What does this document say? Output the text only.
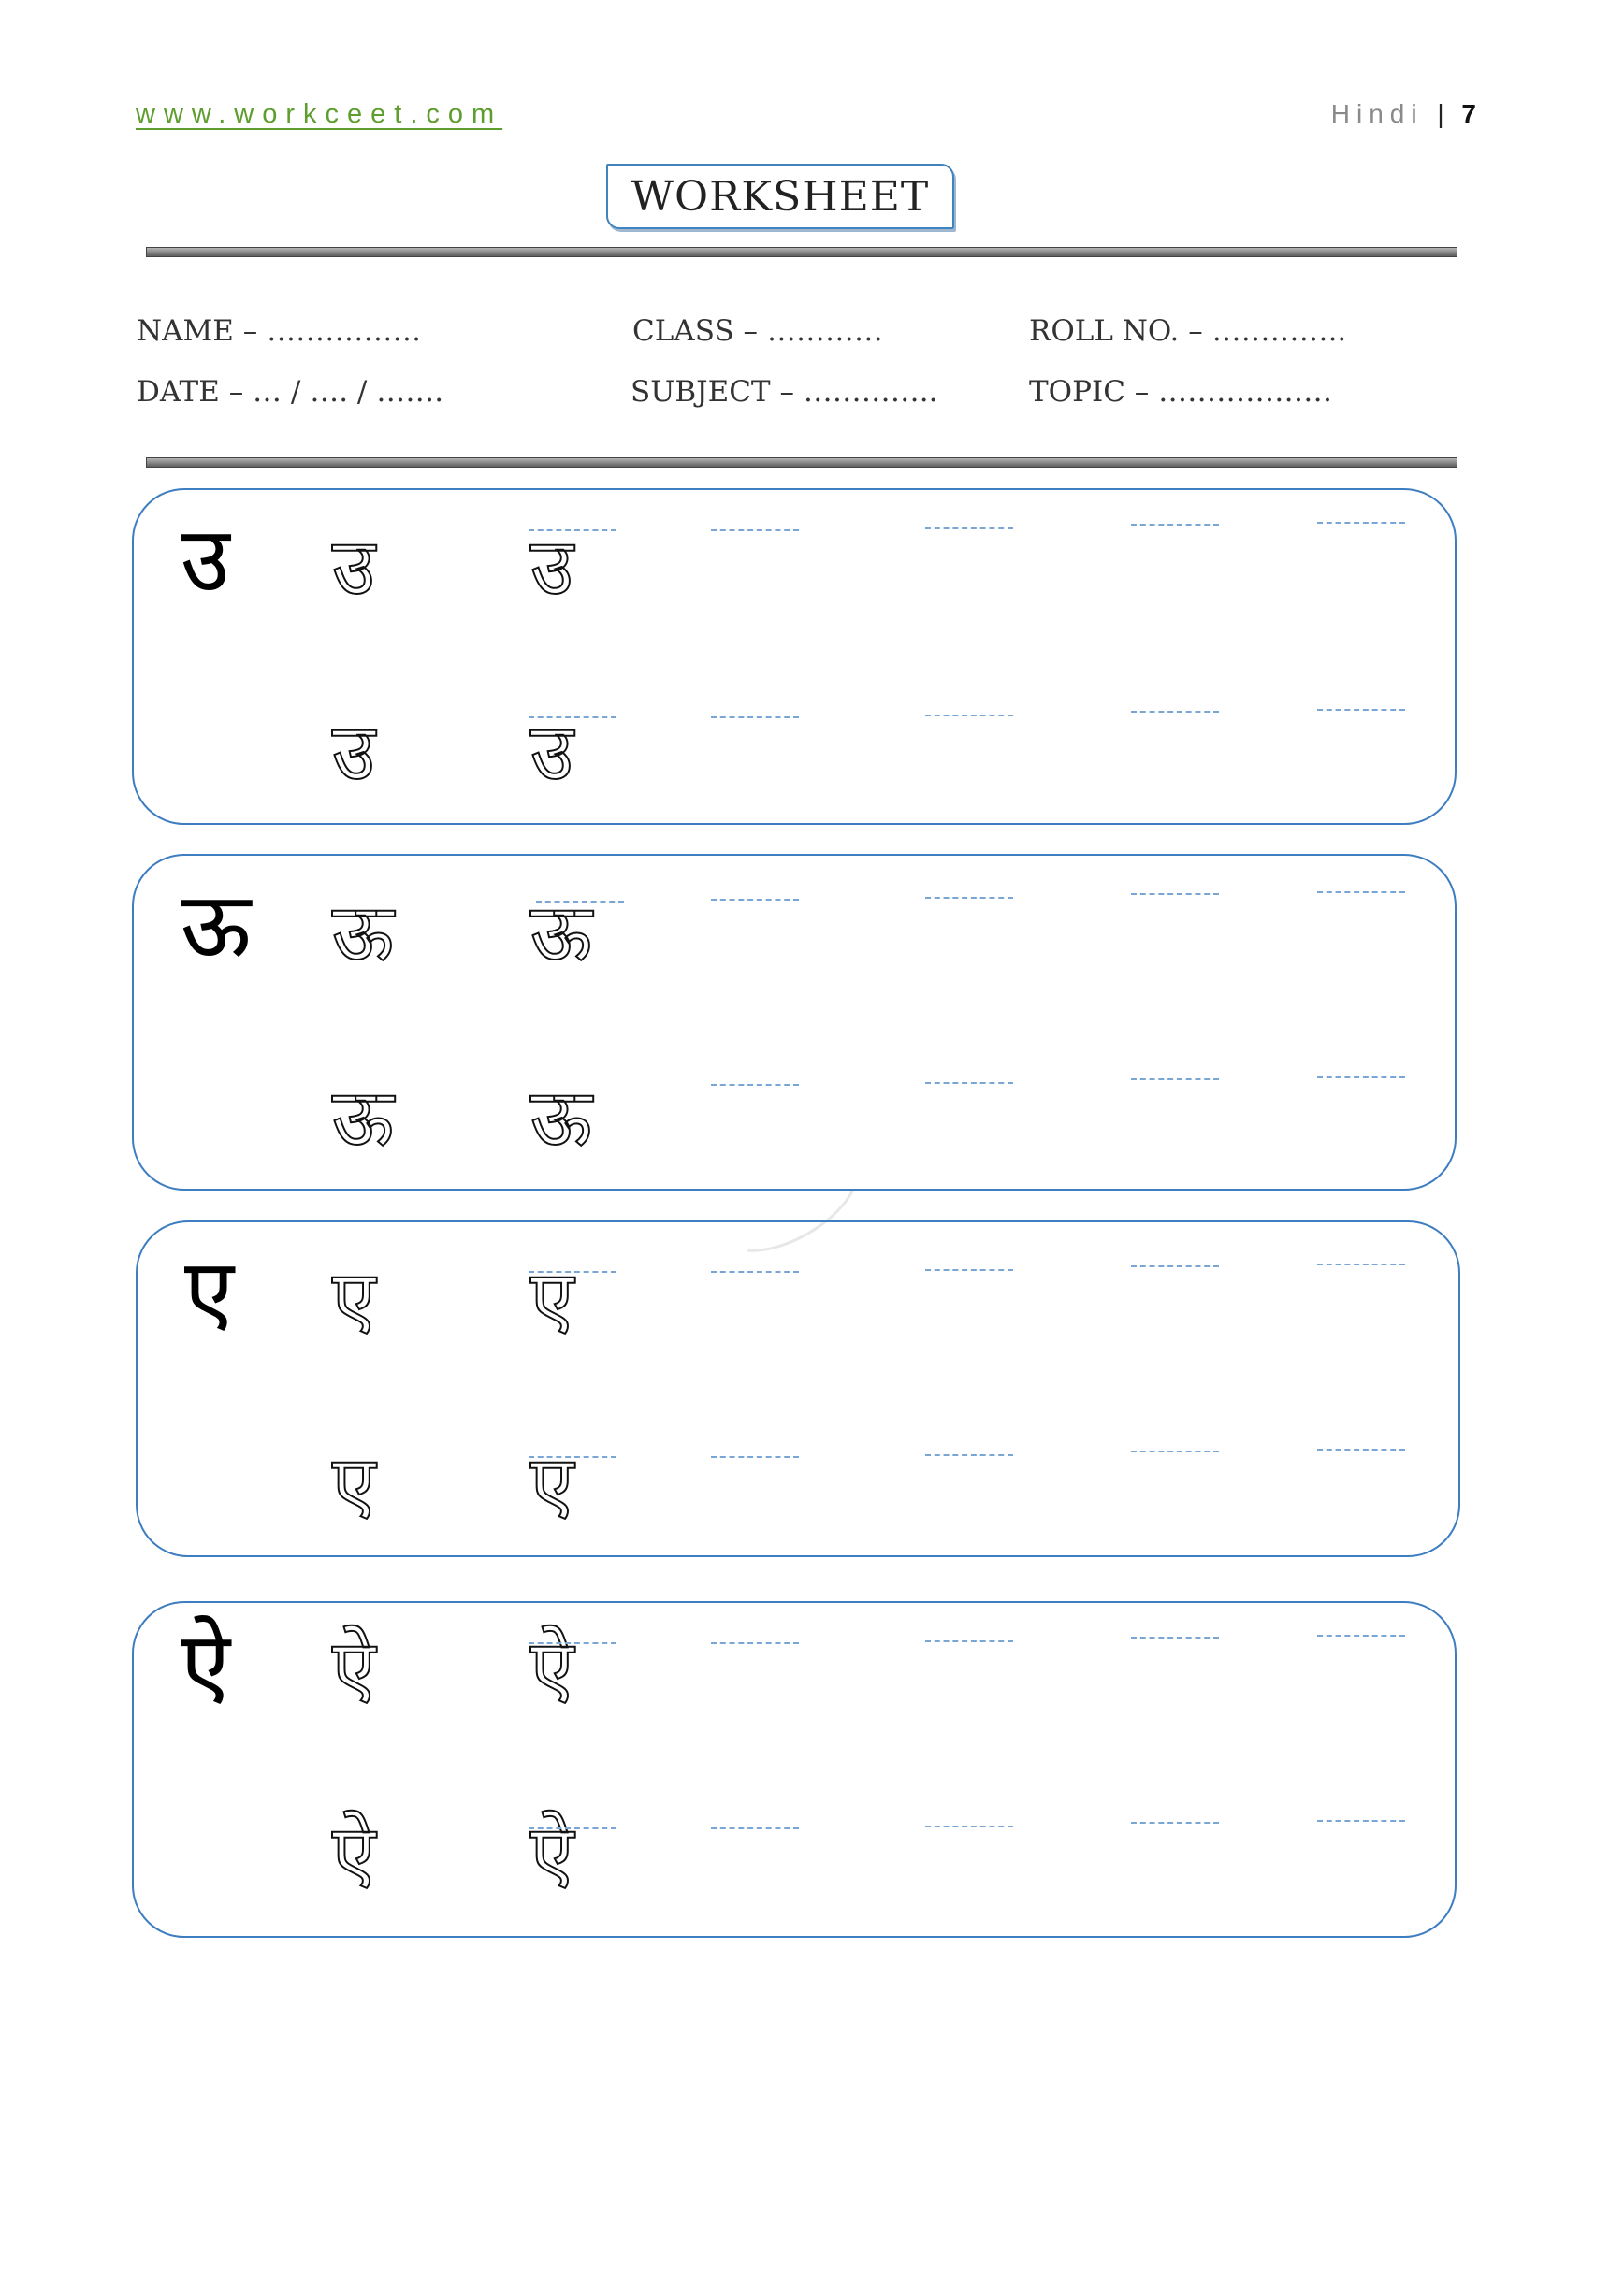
www.workceet.com	Hindi | 7
WORKSHEET
NAME – …………….	CLASS – …………	ROLL NO. – …………..
DATE – … / …. / …….	SUBJECT – …………..	TOPIC – ………………
उ उ उ
उ उ
ऊ ऊ ऊ
ऊ ऊ
ए ए ए
ए ए
ऐ ऐ ऐ
ऐ ऐ
